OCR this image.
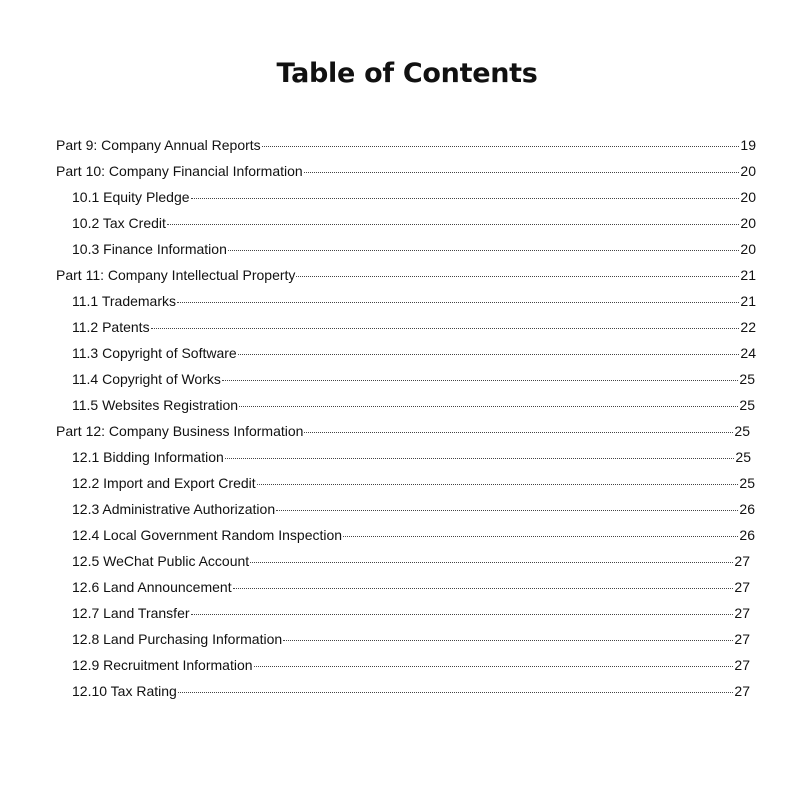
Table of Contents
Part 9: Company Annual Reports	19
Part 10: Company Financial Information	20
10.1 Equity Pledge	20
10.2 Tax Credit	20
10.3 Finance Information	20
Part 11: Company Intellectual Property	21
11.1 Trademarks	21
11.2 Patents	22
11.3 Copyright of Software	24
11.4 Copyright of Works	25
11.5 Websites Registration	25
Part 12: Company Business Information	25
12.1 Bidding Information	25
12.2 Import and Export Credit	25
12.3 Administrative Authorization	26
12.4 Local Government Random Inspection	26
12.5 WeChat Public Account	27
12.6 Land Announcement	27
12.7 Land Transfer	27
12.8 Land Purchasing Information	27
12.9 Recruitment Information	27
12.10 Tax Rating	27
